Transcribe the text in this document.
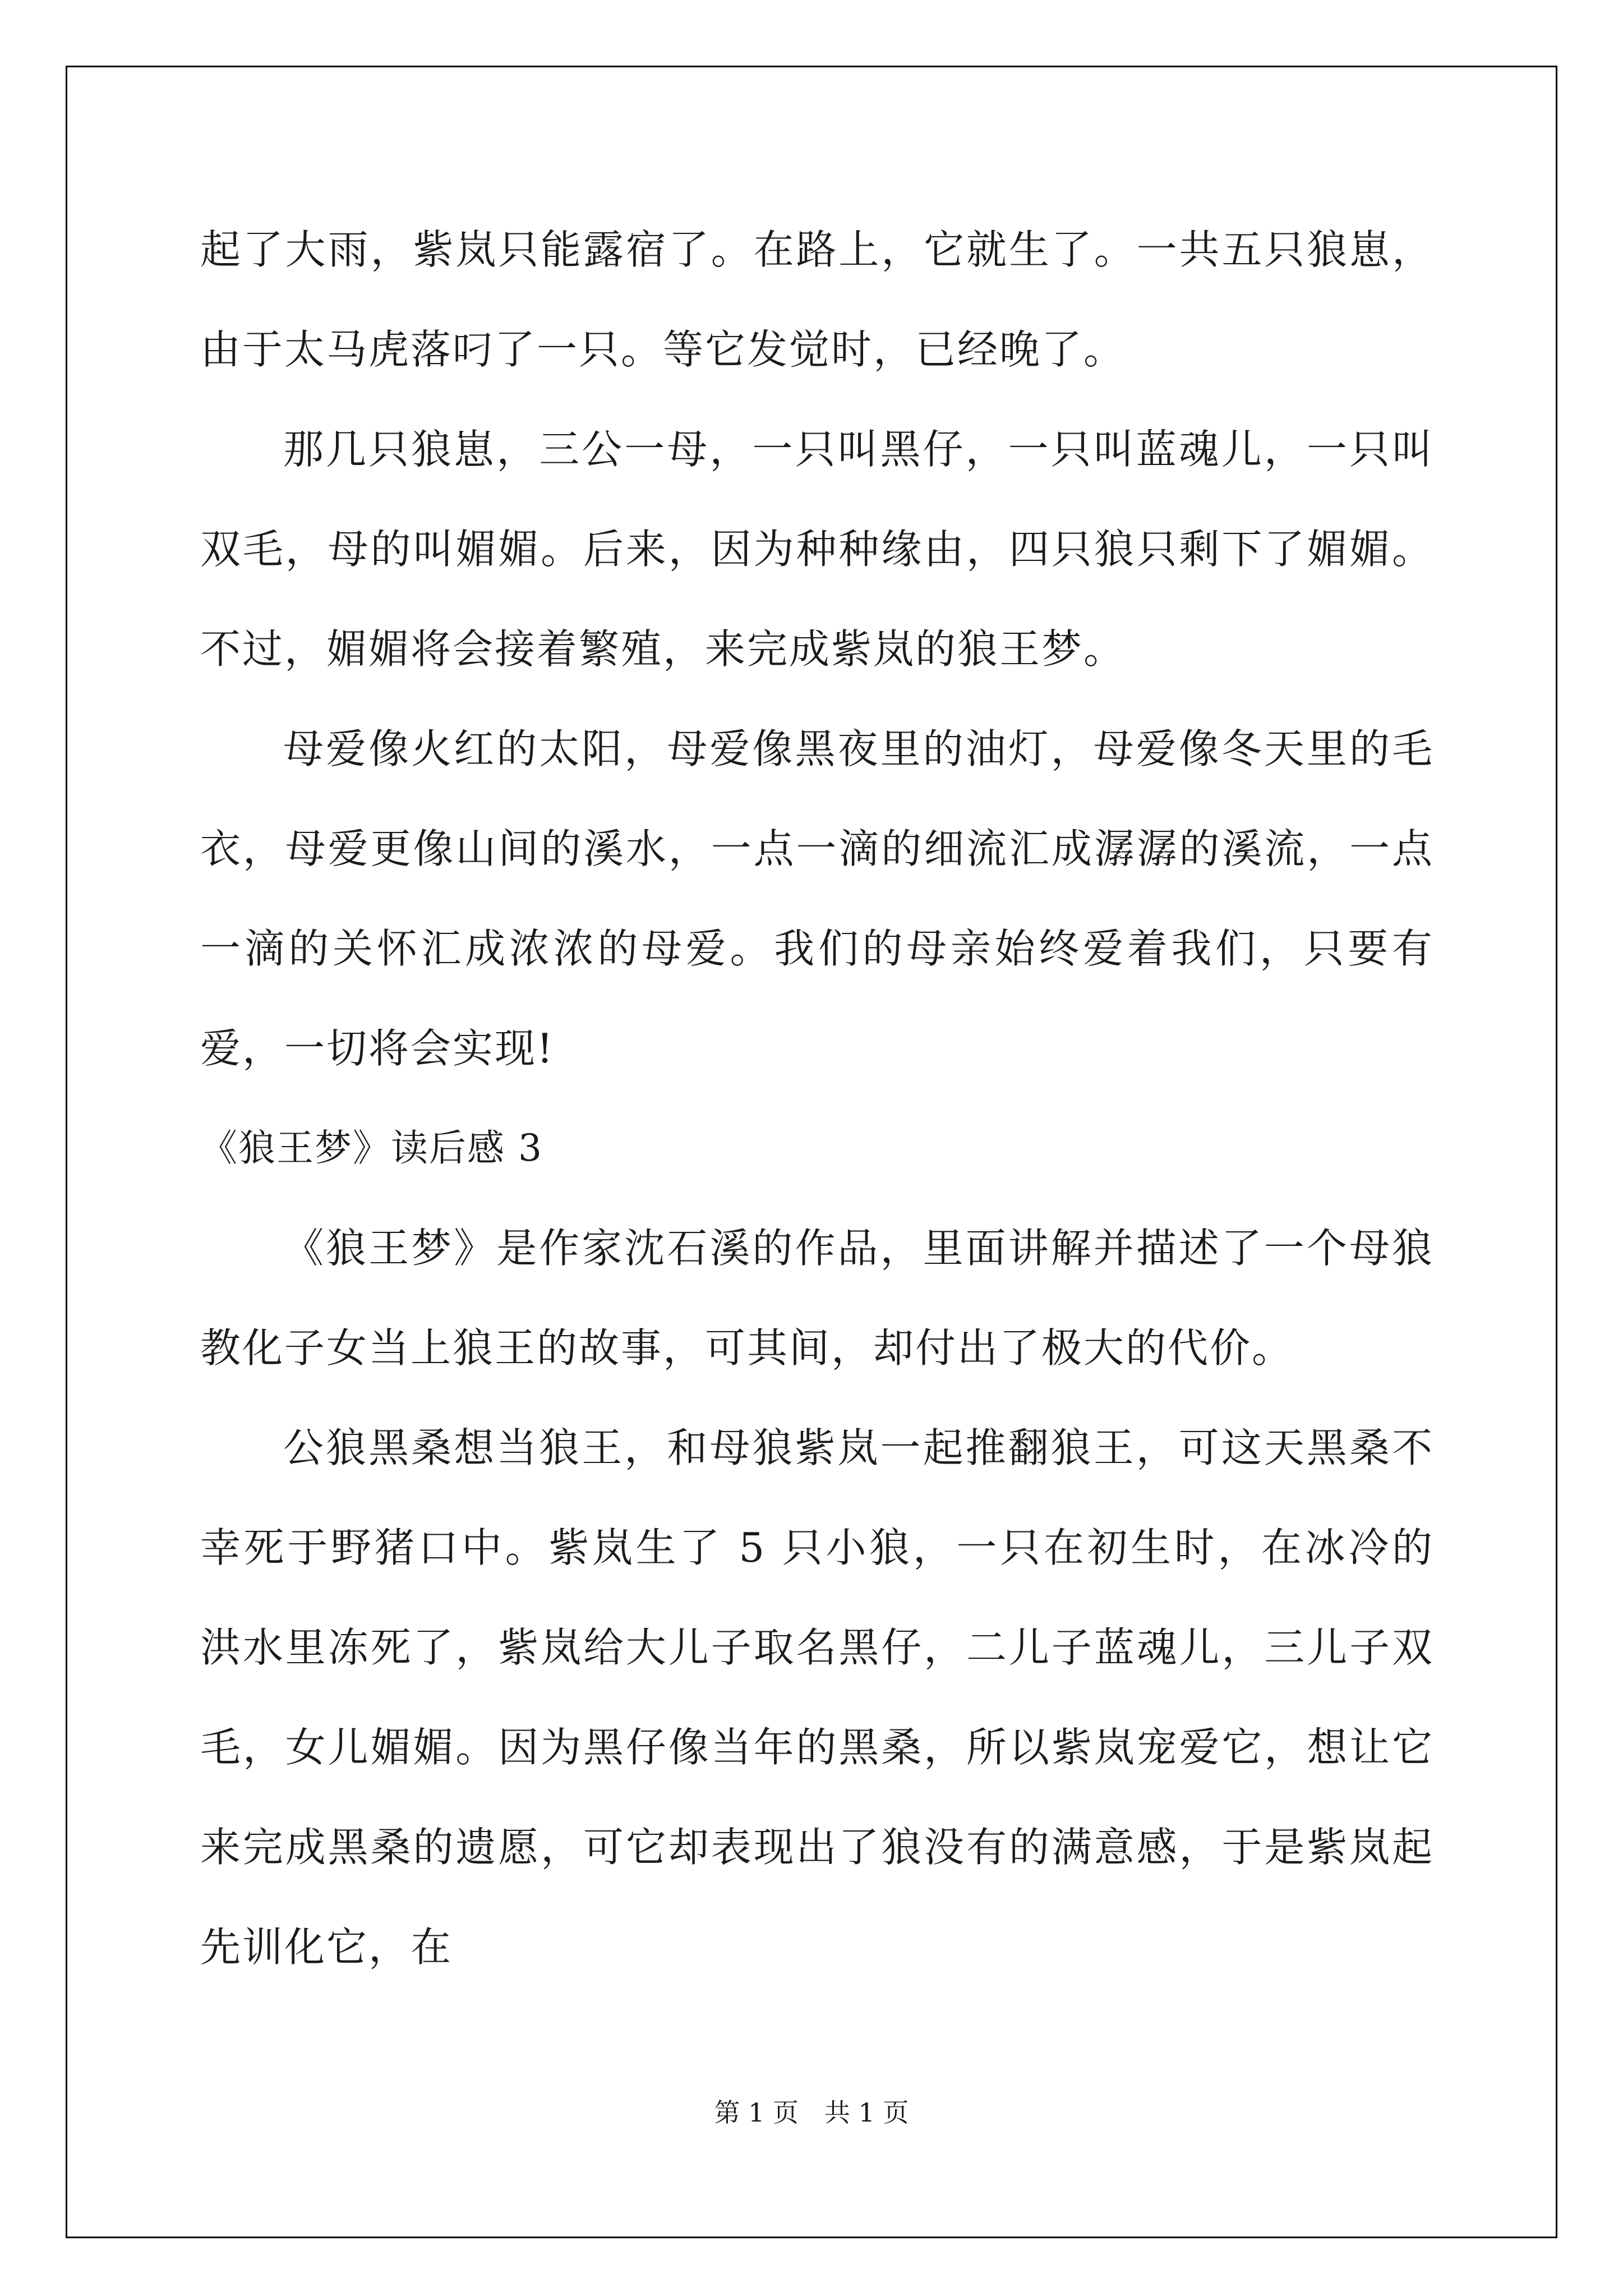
起了大雨，紫岚只能露宿了。在路上，它就生了。一共五只狼崽，由于太马虎落叼了一只。等它发觉时，已经晚了。

那几只狼崽，三公一母，一只叫黑仔，一只叫蓝魂儿，一只叫双毛，母的叫媚媚。后来，因为种种缘由，四只狼只剩下了媚媚。不过，媚媚将会接着繁殖，来完成紫岚的狼王梦。

母爱像火红的太阳，母爱像黑夜里的油灯，母爱像冬天里的毛衣，母爱更像山间的溪水，一点一滴的细流汇成潺潺的溪流，一点一滴的关怀汇成浓浓的母爱。我们的母亲始终爱着我们，只要有爱，一切将会实现!

《狼王梦》读后感 3

《狼王梦》是作家沈石溪的作品，里面讲解并描述了一个母狼教化子女当上狼王的故事，可其间，却付出了极大的代价。

公狼黑桑想当狼王，和母狼紫岚一起推翻狼王，可这天黑桑不幸死于野猪口中。紫岚生了 5 只小狼，一只在初生时，在冰冷的洪水里冻死了，紫岚给大儿子取名黑仔，二儿子蓝魂儿，三儿子双毛，女儿媚媚。因为黑仔像当年的黑桑，所以紫岚宠爱它，想让它来完成黑桑的遗愿，可它却表现出了狼没有的满意感，于是紫岚起先训化它，在

第 1 页　共 1 页
